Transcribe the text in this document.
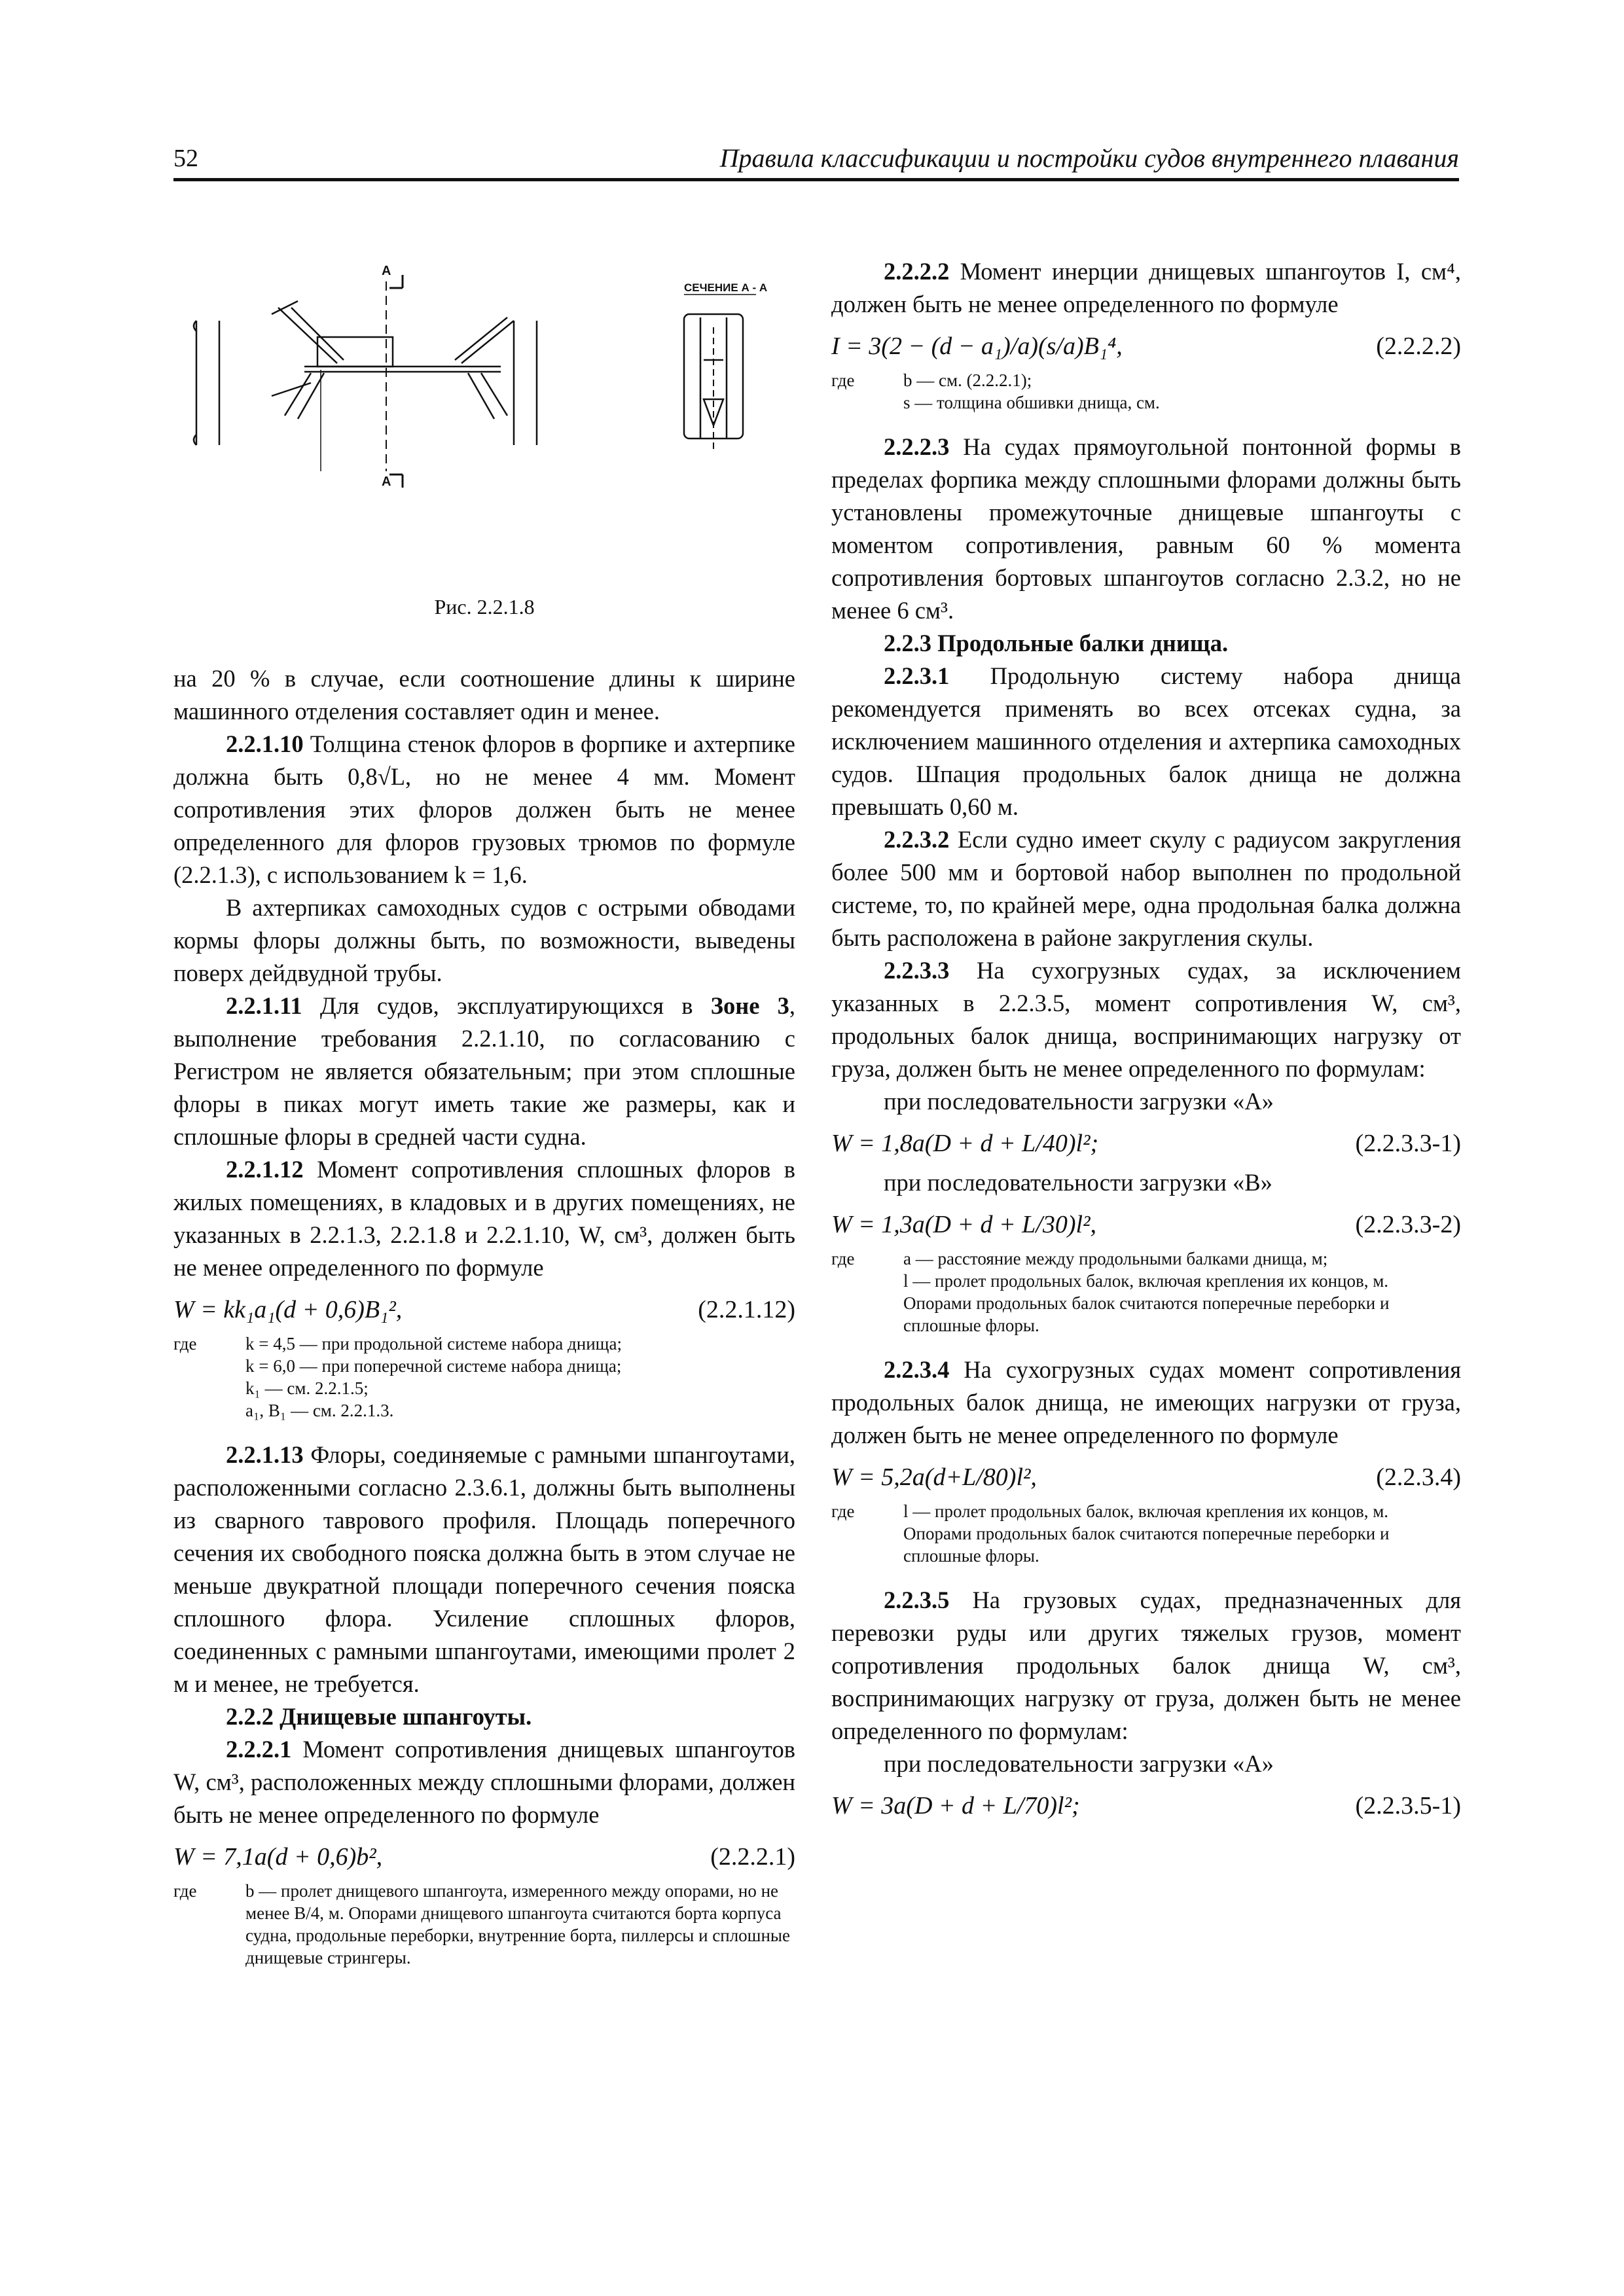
52	Правила классификации и постройки судов внутреннего плавания
А
А
СЕЧЕНИЕ А - А
Рис. 2.2.1.8

на 20 % в случае, если соотношение длины к ширине машинного отделения составляет один и менее.

2.2.1.10 Толщина стенок флоров в форпике и ахтерпике должна быть 0,8√L, но не менее 4 мм. Момент сопротивления этих флоров должен быть не менее определенного для флоров грузовых трюмов по формуле (2.2.1.3), с использованием k = 1,6.

В ахтерпиках самоходных судов с острыми обводами кормы флоры должны быть, по возможности, выведены поверх дейдвудной трубы.

2.2.1.11 Для судов, эксплуатирующихся в Зоне 3, выполнение требования 2.2.1.10, по согласованию с Регистром не является обязательным; при этом сплошные флоры в пиках могут иметь такие же размеры, как и сплошные флоры в средней части судна.

2.2.1.12 Момент сопротивления сплошных флоров в жилых помещениях, в кладовых и в других помещениях, не указанных в 2.2.1.3, 2.2.1.8 и 2.2.1.10, W, см³, должен быть не менее определенного по формуле

W = kk₁a₁(d + 0,6)B₁²,	(2.2.1.12)
где	k = 4,5 — при продольной системе набора днища;
k = 6,0 — при поперечной системе набора днища;
k₁ — см. 2.2.1.5;
a₁, B₁ — см. 2.2.1.3.

2.2.1.13 Флоры, соединяемые с рамными шпангоутами, расположенными согласно 2.3.6.1, должны быть выполнены из сварного таврового профиля. Площадь поперечного сечения их свободного пояска должна быть в этом случае не меньше двукратной площади поперечного сечения пояска сплошного флора. Усиление сплошных флоров, соединенных с рамными шпангоутами, имеющими пролет 2 м и менее, не требуется.

2.2.2 Днищевые шпангоуты.

2.2.2.1 Момент сопротивления днищевых шпангоутов W, см³, расположенных между сплошными флорами, должен быть не менее определенного по формуле

W = 7,1a(d + 0,6)b²,	(2.2.2.1)
где	b — пролет днищевого шпангоута, измеренного между опорами, но не менее B/4, м. Опорами днищевого шпангоута считаются борта корпуса судна, продольные переборки, внутренние борта, пиллерсы и сплошные днищевые стрингеры.

2.2.2.2 Момент инерции днищевых шпангоутов I, см⁴, должен быть не менее определенного по формуле

I = 3(2 − (d − a₁)/a)(s/a)B₁⁴,	(2.2.2.2)
где	b — см. (2.2.2.1);
s — толщина обшивки днища, см.

2.2.2.3 На судах прямоугольной понтонной формы в пределах форпика между сплошными флорами должны быть установлены промежуточные днищевые шпангоуты с моментом сопротивления, равным 60 % момента сопротивления бортовых шпангоутов согласно 2.3.2, но не менее 6 см³.

2.2.3 Продольные балки днища.

2.2.3.1 Продольную систему набора днища рекомендуется применять во всех отсеках судна, за исключением машинного отделения и ахтерпика самоходных судов. Шпация продольных балок днища не должна превышать 0,60 м.

2.2.3.2 Если судно имеет скулу с радиусом закругления более 500 мм и бортовой набор выполнен по продольной системе, то, по крайней мере, одна продольная балка должна быть расположена в районе закругления скулы.

2.2.3.3 На сухогрузных судах, за исключением указанных в 2.2.3.5, момент сопротивления W, см³, продольных балок днища, воспринимающих нагрузку от груза, должен быть не менее определенного по формулам:

при последовательности загрузки «А»

W = 1,8a(D + d + L/40)l²;	(2.2.3.3-1)

при последовательности загрузки «В»

W = 1,3a(D + d + L/30)l²,	(2.2.3.3-2)
где	a — расстояние между продольными балками днища, м;
l — пролет продольных балок, включая крепления их концов, м. Опорами продольных балок считаются поперечные переборки и сплошные флоры.

2.2.3.4 На сухогрузных судах момент сопротивления продольных балок днища, не имеющих нагрузки от груза, должен быть не менее определенного по формуле

W = 5,2a(d+L/80)l²,	(2.2.3.4)
где	l — пролет продольных балок, включая крепления их концов, м. Опорами продольных балок считаются поперечные переборки и сплошные флоры.

2.2.3.5 На грузовых судах, предназначенных для перевозки руды или других тяжелых грузов, момент сопротивления продольных балок днища W, см³, воспринимающих нагрузку от груза, должен быть не менее определенного по формулам:

при последовательности загрузки «А»

W = 3a(D + d + L/70)l²;	(2.2.3.5-1)
